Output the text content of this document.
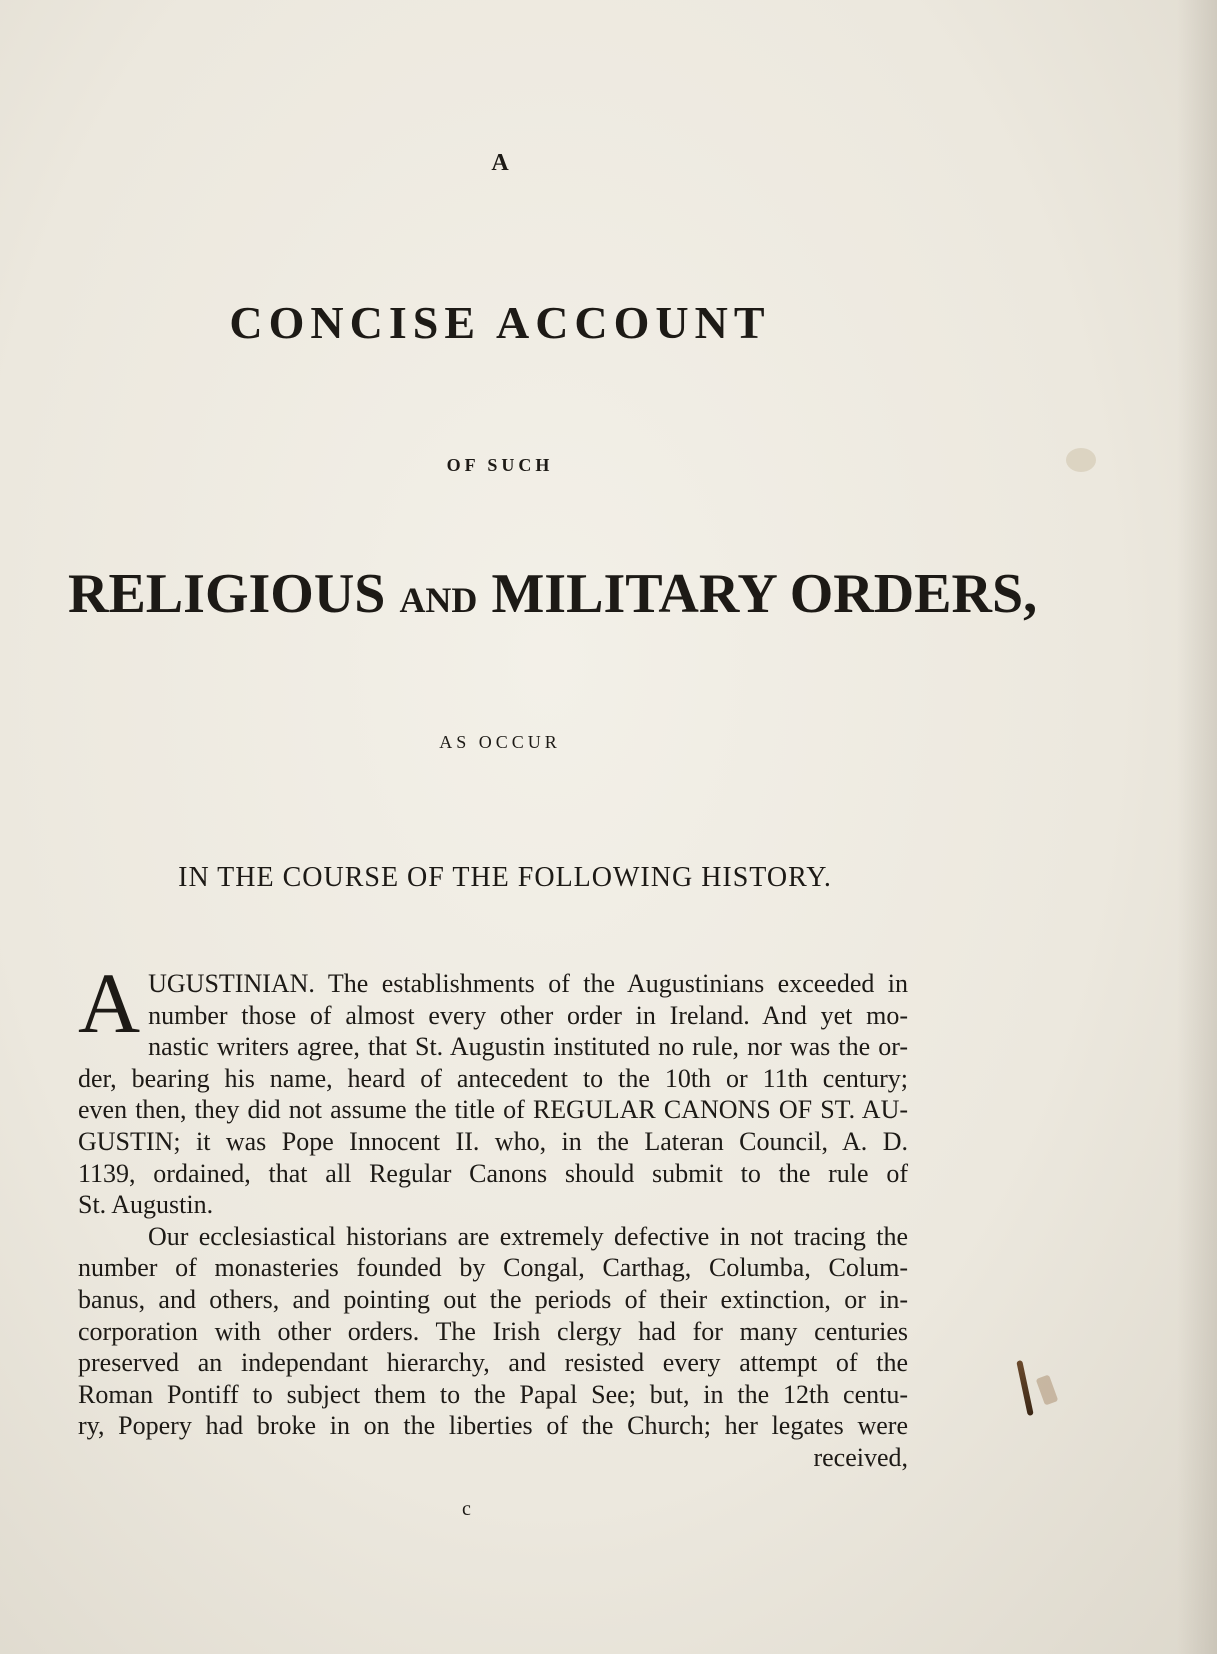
A
CONCISE ACCOUNT
OF SUCH
RELIGIOUS AND MILITARY ORDERS,
AS OCCUR
IN THE COURSE OF THE FOLLOWING HISTORY.
A UGUSTINIAN. The establishments of the Augustinians exceeded in
number those of almost every other order in Ireland. And yet mo-
nastic writers agree, that St. Augustin instituted no rule, nor was the or-
der, bearing his name, heard of antecedent to the 10th or 11th century;
even then, they did not assume the title of REGULAR CANONS OF ST. AU-
GUSTIN; it was Pope Innocent II. who, in the Lateran Council, A. D.
1139, ordained, that all Regular Canons should submit to the rule of
St. Augustin.
Our ecclesiastical historians are extremely defective in not tracing the
number of monasteries founded by Congal, Carthag, Columba, Colum-
banus, and others, and pointing out the periods of their extinction, or in-
corporation with other orders. The Irish clergy had for many centuries
preserved an independant hierarchy, and resisted every attempt of the
Roman Pontiff to subject them to the Papal See; but, in the 12th centu-
ry, Popery had broke in on the liberties of the Church; her legates were
received,
c
